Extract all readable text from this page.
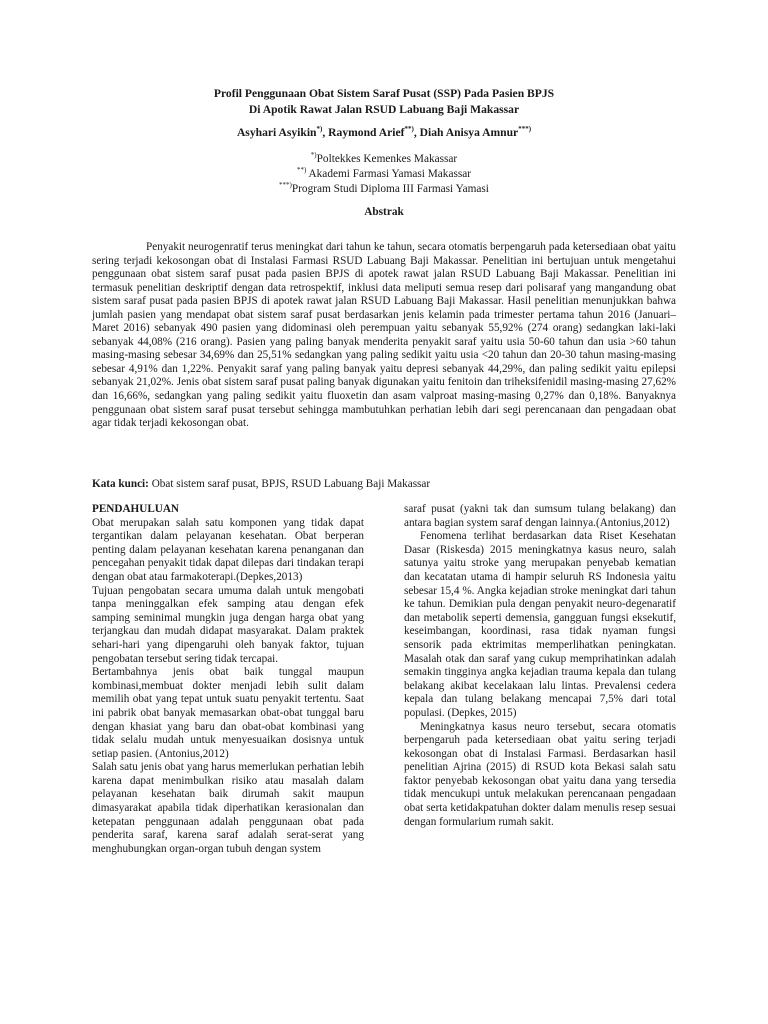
Profil Penggunaan Obat Sistem Saraf Pusat (SSP) Pada Pasien BPJS
Di Apotik Rawat Jalan RSUD Labuang Baji Makassar
Asyhari Asyikin*), Raymond Arief**), Diah Anisya Amnur***)
*)Poltekkes Kemenkes Makassar
**) Akademi Farmasi Yamasi Makassar
***)Program Studi Diploma III Farmasi Yamasi
Abstrak

Penyakit neurogenratif terus meningkat dari tahun ke tahun, secara otomatis berpengaruh pada ketersediaan obat yaitu sering terjadi kekosongan obat di Instalasi Farmasi RSUD Labuang Baji Makassar. Penelitian ini bertujuan untuk mengetahui penggunaan obat sistem saraf pusat pada pasien BPJS di apotek rawat jalan RSUD Labuang Baji Makassar. Penelitian ini termasuk penelitian deskriptif dengan data retrospektif, inklusi data meliputi semua resep dari polisaraf yang mangandung obat sistem saraf pusat pada pasien BPJS di apotek rawat jalan RSUD Labuang Baji Makassar. Hasil penelitian menunjukkan bahwa jumlah pasien yang mendapat obat sistem saraf pusat berdasarkan jenis kelamin pada trimester pertama tahun 2016 (Januari–Maret 2016) sebanyak 490 pasien yang didominasi oleh perempuan yaitu sebanyak 55,92% (274 orang) sedangkan laki-laki sebanyak 44,08% (216 orang). Pasien yang paling banyak menderita penyakit saraf yaitu usia 50-60 tahun dan usia >60 tahun masing-masing sebesar 34,69% dan 25,51% sedangkan yang paling sedikit yaitu usia <20 tahun dan 20-30 tahun masing-masing sebesar 4,91% dan 1,22%. Penyakit saraf yang paling banyak yaitu depresi sebanyak 44,29%, dan paling sedikit yaitu epilepsi sebanyak 21,02%. Jenis obat sistem saraf pusat paling banyak digunakan yaitu fenitoin dan triheksifenidil masing-masing 27,62% dan 16,66%, sedangkan yang paling sedikit yaitu fluoxetin dan asam valproat masing-masing 0,27% dan 0,18%. Banyaknya penggunaan obat sistem saraf pusat tersebut sehingga mambutuhkan perhatian lebih dari segi perencanaan dan pengadaan obat agar tidak terjadi kekosongan obat.

Kata kunci: Obat sistem saraf pusat, BPJS, RSUD Labuang Baji Makassar

PENDAHULUAN

Obat merupakan salah satu komponen yang tidak dapat tergantikan dalam pelayanan kesehatan. Obat berperan penting dalam pelayanan kesehatan karena penanganan dan pencegahan penyakit tidak dapat dilepas dari tindakan terapi dengan obat atau farmakoterapi.(Depkes,2013)

Tujuan pengobatan secara umuma dalah untuk mengobati tanpa meninggalkan efek samping atau dengan efek samping seminimal mungkin juga dengan harga obat yang terjangkau dan mudah didapat masyarakat. Dalam praktek sehari-hari yang dipengaruhi oleh banyak faktor, tujuan pengobatan tersebut sering tidak tercapai.

Bertambahnya jenis obat baik tunggal maupun kombinasi,membuat dokter menjadi lebih sulit dalam memilih obat yang tepat untuk suatu penyakit tertentu. Saat ini pabrik obat banyak memasarkan obat-obat tunggal baru dengan khasiat yang baru dan obat-obat kombinasi yang tidak selalu mudah untuk menyesuaikan dosisnya untuk setiap pasien. (Antonius,2012)

Salah satu jenis obat yang harus memerlukan perhatian lebih karena dapat menimbulkan risiko atau masalah dalam pelayanan kesehatan baik dirumah sakit maupun dimasyarakat apabila tidak diperhatikan kerasionalan dan ketepatan penggunaan adalah penggunaan obat pada penderita saraf, karena saraf adalah serat-serat yang menghubungkan organ-organ tubuh dengan system

saraf pusat (yakni tak dan sumsum tulang belakang) dan antara bagian system saraf dengan lainnya.(Antonius,2012)

Fenomena terlihat berdasarkan data Riset Kesehatan Dasar (Riskesda) 2015 meningkatnya kasus neuro, salah satunya yaitu stroke yang merupakan penyebab kematian dan kecatatan utama di hampir seluruh RS Indonesia yaitu sebesar 15,4 %. Angka kejadian stroke meningkat dari tahun ke tahun. Demikian pula dengan penyakit neuro-degenaratif dan metabolik seperti demensia, gangguan fungsi eksekutif, keseimbangan, koordinasi, rasa tidak nyaman fungsi sensorik pada ektrimitas memperlihatkan peningkatan. Masalah otak dan saraf yang cukup memprihatinkan adalah semakin tingginya angka kejadian trauma kepala dan tulang belakang akibat kecelakaan lalu lintas. Prevalensi cedera kepala dan tulang belakang mencapai 7,5% dari total populasi. (Depkes, 2015)

Meningkatnya kasus neuro tersebut, secara otomatis berpengaruh pada ketersediaan obat yaitu sering terjadi kekosongan obat di Instalasi Farmasi. Berdasarkan hasil penelitian Ajrina (2015) di RSUD kota Bekasi salah satu faktor penyebab kekosongan obat yaitu dana yang tersedia tidak mencukupi untuk melakukan perencanaan pengadaan obat serta ketidakpatuhan dokter dalam menulis resep sesuai dengan formularium rumah sakit.
